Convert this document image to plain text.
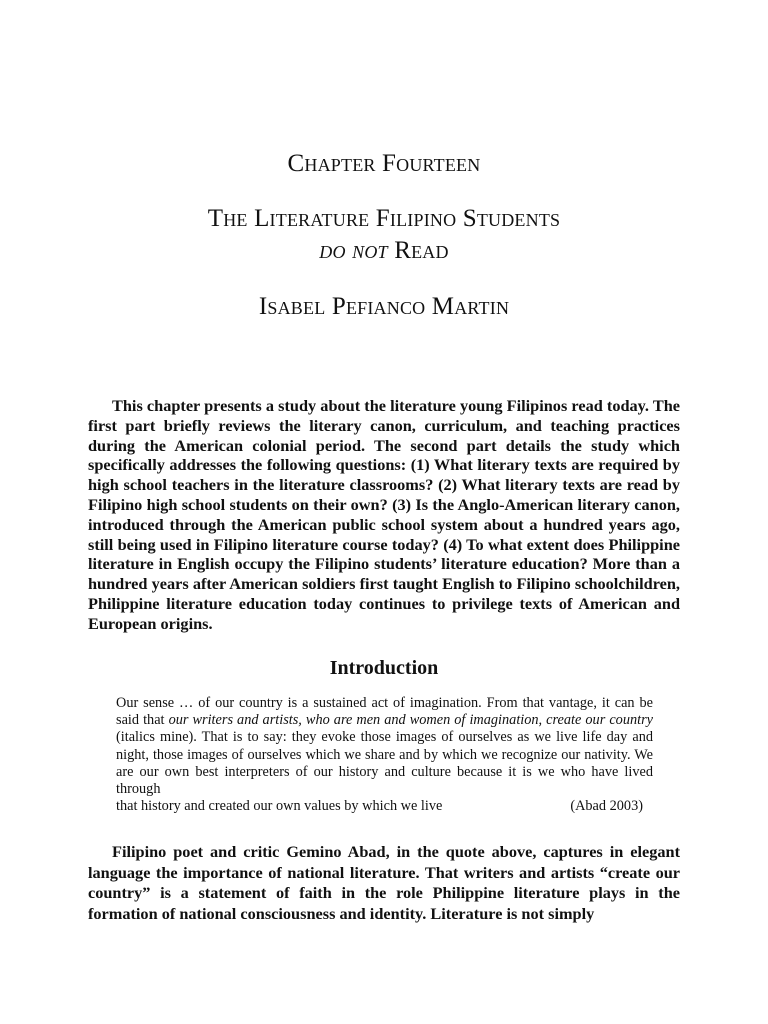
Chapter Fourteen
The Literature Filipino Students
do not Read
Isabel Pefianco Martin

This chapter presents a study about the literature young Filipinos read today. The first part briefly reviews the literary canon, curriculum, and teaching practices during the American colonial period. The second part details the study which specifically addresses the following questions: (1) What literary texts are required by high school teachers in the literature classrooms? (2) What literary texts are read by Filipino high school students on their own? (3) Is the Anglo-American literary canon, introduced through the American public school system about a hundred years ago, still being used in Filipino literature course today? (4) To what extent does Philippine literature in English occupy the Filipino students’ literature education? More than a hundred years after American soldiers first taught English to Filipino schoolchildren, Philippine literature education today continues to privilege texts of American and European origins.

Introduction
Our sense … of our country is a sustained act of imagination. From that vantage, it can be said that our writers and artists, who are men and women of imagination, create our country (italics mine). That is to say: they evoke those images of ourselves as we live life day and night, those images of ourselves which we share and by which we recognize our nativity. We are our own best interpreters of our history and culture because it is we who have lived through
that history and created our own values by which we live	(Abad 2003)

Filipino poet and critic Gemino Abad, in the quote above, captures in elegant language the importance of national literature. That writers and artists “create our country” is a statement of faith in the role Philippine literature plays in the formation of national consciousness and identity. Literature is not simply
